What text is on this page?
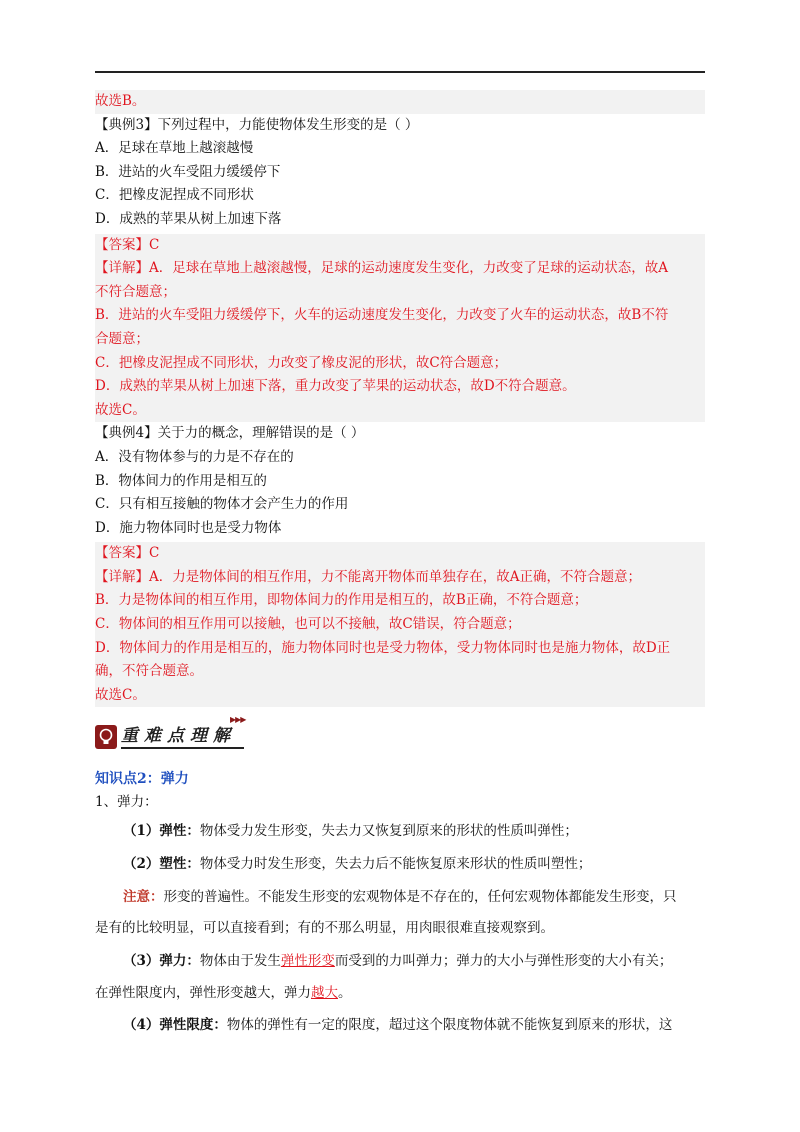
故选B。
【典例3】下列过程中，力能使物体发生形变的是（ ）
A．足球在草地上越滚越慢
B．进站的火车受阻力缓缓停下
C．把橡皮泥捏成不同形状
D．成熟的苹果从树上加速下落
【答案】C
【详解】A．足球在草地上越滚越慢，足球的运动速度发生变化，力改变了足球的运动状态，故A
不符合题意；
B．进站的火车受阻力缓缓停下，火车的运动速度发生变化，力改变了火车的运动状态，故B不符
合题意；
C．把橡皮泥捏成不同形状，力改变了橡皮泥的形状，故C符合题意；
D．成熟的苹果从树上加速下落，重力改变了苹果的运动状态，故D不符合题意。
故选C。
【典例4】关于力的概念，理解错误的是（ ）
A．没有物体参与的力是不存在的
B．物体间力的作用是相互的
C．只有相互接触的物体才会产生力的作用
D．施力物体同时也是受力物体
【答案】C
【详解】A．力是物体间的相互作用，力不能离开物体而单独存在，故A正确，不符合题意；
B．力是物体间的相互作用，即物体间力的作用是相互的，故B正确，不符合题意；
C．物体间的相互作用可以接触，也可以不接触，故C错误，符合题意；
D．物体间力的作用是相互的，施力物体同时也是受力物体，受力物体同时也是施力物体，故D正
确，不符合题意。
故选C。
▶▶▶
重难点理解
知识点2：弹力
1、弹力：
（1）弹性：物体受力发生形变，失去力又恢复到原来的形状的性质叫弹性；
（2）塑性：物体受力时发生形变，失去力后不能恢复原来形状的性质叫塑性；
注意：形变的普遍性。不能发生形变的宏观物体是不存在的，任何宏观物体都能发生形变，只
是有的比较明显，可以直接看到；有的不那么明显，用肉眼很难直接观察到。
（3）弹力：物体由于发生弹性形变而受到的力叫弹力；弹力的大小与弹性形变的大小有关；
在弹性限度内，弹性形变越大，弹力越大。
（4）弹性限度：物体的弹性有一定的限度，超过这个限度物体就不能恢复到原来的形状，这
